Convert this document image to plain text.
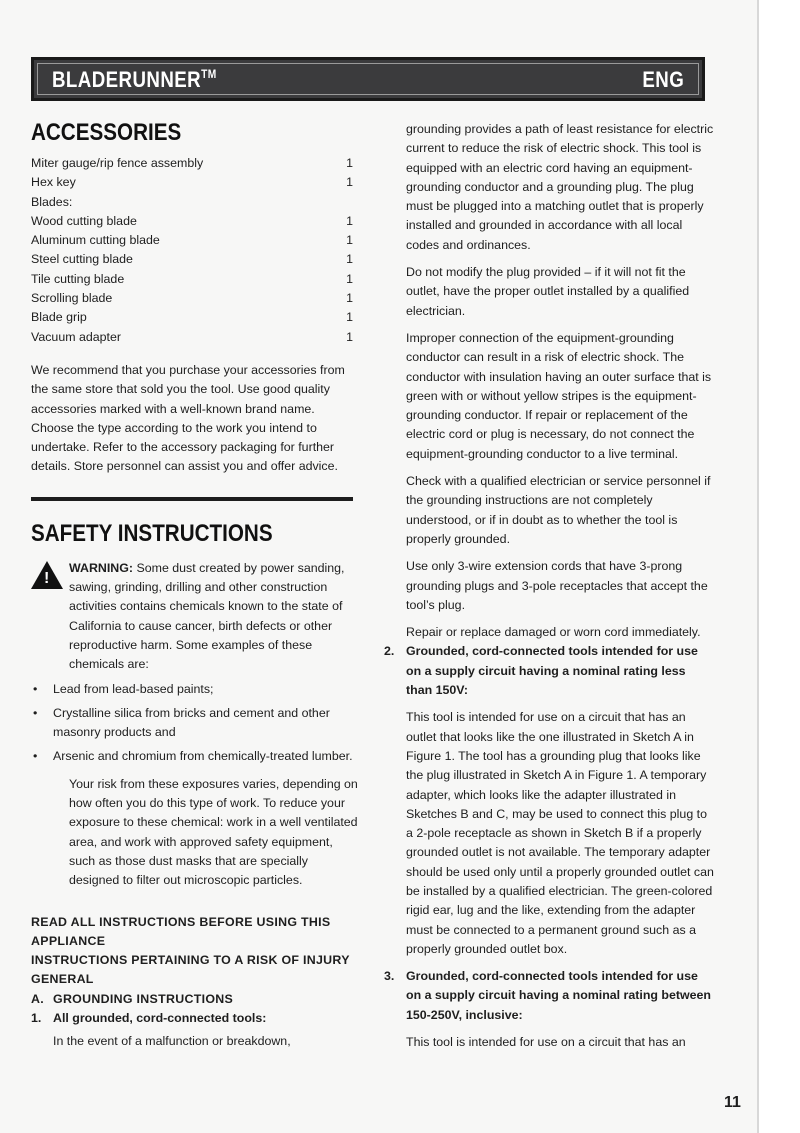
BLADERUNNER™	ENG
ACCESSORIES
Miter gauge/rip fence assembly	1
Hex key	1
Blades:
Wood cutting blade	1
Aluminum cutting blade	1
Steel cutting blade	1
Tile cutting blade	1
Scrolling blade	1
Blade grip	1
Vacuum adapter	1

We recommend that you purchase your accessories from the same store that sold you the tool. Use good quality accessories marked with a well-known brand name. Choose the type according to the work you intend to undertake. Refer to the accessory packaging for further details. Store personnel can assist you and offer advice.

SAFETY INSTRUCTIONS
!
WARNING: Some dust created by power sanding, sawing, grinding, drilling and other construction activities contains chemicals known to the state of California to cause cancer, birth defects or other reproductive harm. Some examples of these chemicals are:
• Lead from lead-based paints;
• Crystalline silica from bricks and cement and other masonry products and
• Arsenic and chromium from chemically-treated lumber.

Your risk from these exposures varies, depending on how often you do this type of work. To reduce your exposure to these chemical: work in a well ventilated area, and work with approved safety equipment, such as those dust masks that are specially designed to filter out microscopic particles.

READ ALL INSTRUCTIONS BEFORE USING THIS APPLIANCE
INSTRUCTIONS PERTAINING TO A RISK OF INJURY
GENERAL
A. GROUNDING INSTRUCTIONS
1. All grounded, cord-connected tools:

In the event of a malfunction or breakdown,

grounding provides a path of least resistance for electric current to reduce the risk of electric shock. This tool is equipped with an electric cord having an equipment-grounding conductor and a grounding plug. The plug must be plugged into a matching outlet that is properly installed and grounded in accordance with all local codes and ordinances.

Do not modify the plug provided – if it will not fit the outlet, have the proper outlet installed by a qualified electrician.

Improper connection of the equipment-grounding conductor can result in a risk of electric shock. The conductor with insulation having an outer surface that is green with or without yellow stripes is the equipment-grounding conductor. If repair or replacement of the electric cord or plug is necessary, do not connect the equipment-grounding conductor to a live terminal.

Check with a qualified electrician or service personnel if the grounding instructions are not completely understood, or if in doubt as to whether the tool is properly grounded.

Use only 3-wire extension cords that have 3-prong grounding plugs and 3-pole receptacles that accept the tool’s plug.

Repair or replace damaged or worn cord immediately.

2. Grounded, cord-connected tools intended for use on a supply circuit having a nominal rating less than 150V:

This tool is intended for use on a circuit that has an outlet that looks like the one illustrated in Sketch A in Figure 1. The tool has a grounding plug that looks like the plug illustrated in Sketch A in Figure 1. A temporary adapter, which looks like the adapter illustrated in Sketches B and C, may be used to connect this plug to a 2-pole receptacle as shown in Sketch B if a properly grounded outlet is not available. The temporary adapter should be used only until a properly grounded outlet can be installed by a qualified electrician. The green-colored rigid ear, lug and the like, extending from the adapter must be connected to a permanent ground such as a properly grounded outlet box.

3. Grounded, cord-connected tools intended for use on a supply circuit having a nominal rating between 150-250V, inclusive:

This tool is intended for use on a circuit that has an

11
